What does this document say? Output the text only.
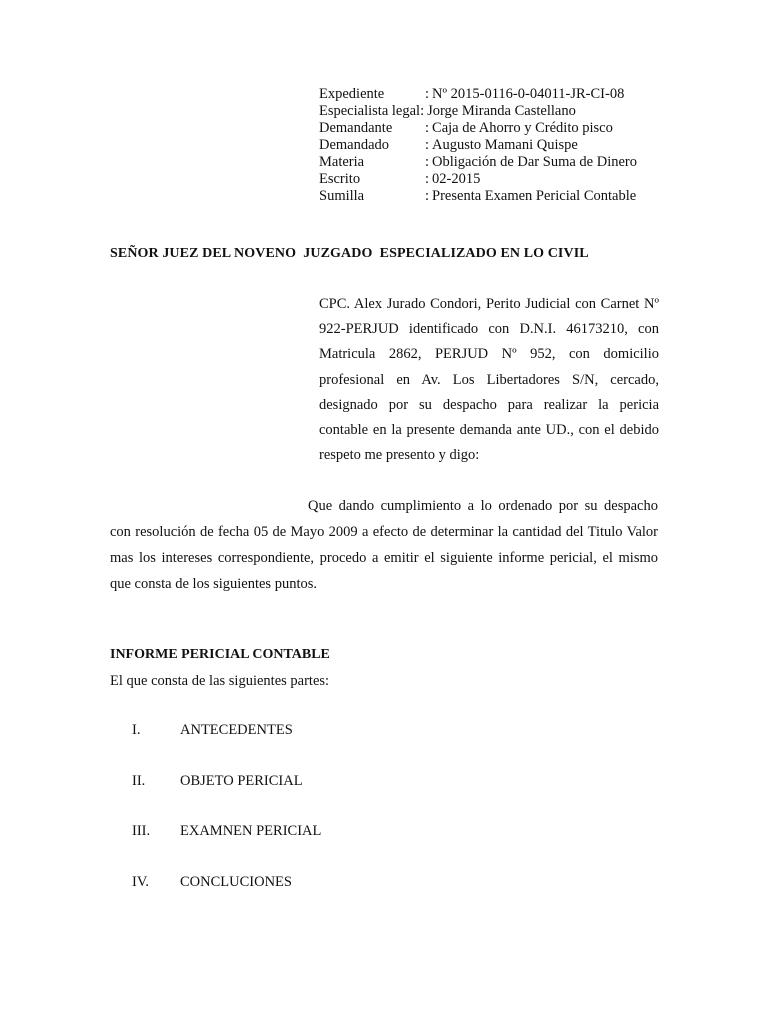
Expediente	: Nº 2015-0116-0-04011-JR-CI-08
Especialista legal : Jorge Miranda Castellano
Demandante	: Caja de Ahorro y Crédito pisco
Demandado	: Augusto Mamani Quispe
Materia	: Obligación de Dar Suma de Dinero
Escrito	: 02-2015
Sumilla	: Presenta Examen Pericial Contable
SEÑOR JUEZ DEL NOVENO  JUZGADO  ESPECIALIZADO EN LO CIVIL
CPC. Alex Jurado Condori, Perito Judicial con Carnet Nº 922-PERJUD identificado con D.N.I. 46173210, con Matricula 2862, PERJUD Nº 952, con domicilio profesional en Av. Los Libertadores S/N, cercado, designado por su despacho para realizar la pericia contable en la presente demanda ante UD., con el debido respeto me presento y digo:
Que dando cumplimiento a lo ordenado por su despacho con resolución de fecha 05 de Mayo 2009 a efecto de determinar la cantidad del Titulo Valor mas los intereses correspondiente, procedo a emitir el siguiente informe pericial, el mismo que consta de los siguientes puntos.
INFORME PERICIAL CONTABLE
El que consta de las siguientes partes:
I.	ANTECEDENTES
II.	OBJETO PERICIAL
III.	EXAMNEN PERICIAL
IV.	CONCLUCIONES
